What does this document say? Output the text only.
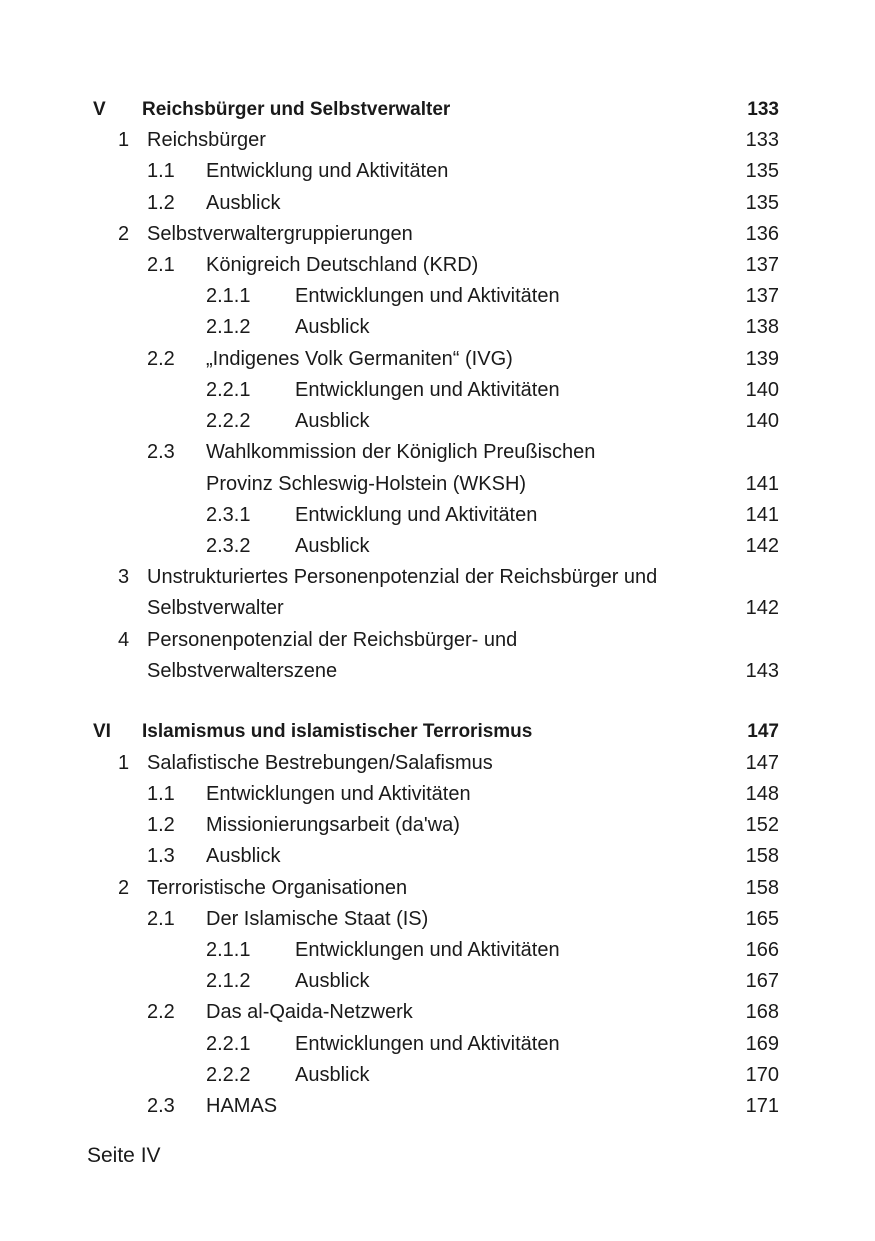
V Reichsbürger und Selbstverwalter	133
1 Reichsbürger	133
1.1 Entwicklung und Aktivitäten	135
1.2 Ausblick	135
2 Selbstverwaltergruppierungen	136
2.1 Königreich Deutschland (KRD)	137
2.1.1 Entwicklungen und Aktivitäten	137
2.1.2 Ausblick	138
2.2 „Indigenes Volk Germaniten“ (IVG)	139
2.2.1 Entwicklungen und Aktivitäten	140
2.2.2 Ausblick	140
2.3 Wahlkommission der Königlich Preußischen
Provinz Schleswig-Holstein (WKSH)	141
2.3.1 Entwicklung und Aktivitäten	141
2.3.2 Ausblick	142
3 Unstrukturiertes Personenpotenzial der Reichsbürger und
Selbstverwalter	142
4 Personenpotenzial der Reichsbürger- und
Selbstverwalterszene	143
VI Islamismus und islamistischer Terrorismus	147
1 Salafistische Bestrebungen/Salafismus	147
1.1 Entwicklungen und Aktivitäten	148
1.2 Missionierungsarbeit (da'wa)	152
1.3 Ausblick	158
2 Terroristische Organisationen	158
2.1 Der Islamische Staat (IS)	165
2.1.1 Entwicklungen und Aktivitäten	166
2.1.2 Ausblick	167
2.2 Das al-Qaida-Netzwerk	168
2.2.1 Entwicklungen und Aktivitäten	169
2.2.2 Ausblick	170
2.3 HAMAS	171
Seite IV
